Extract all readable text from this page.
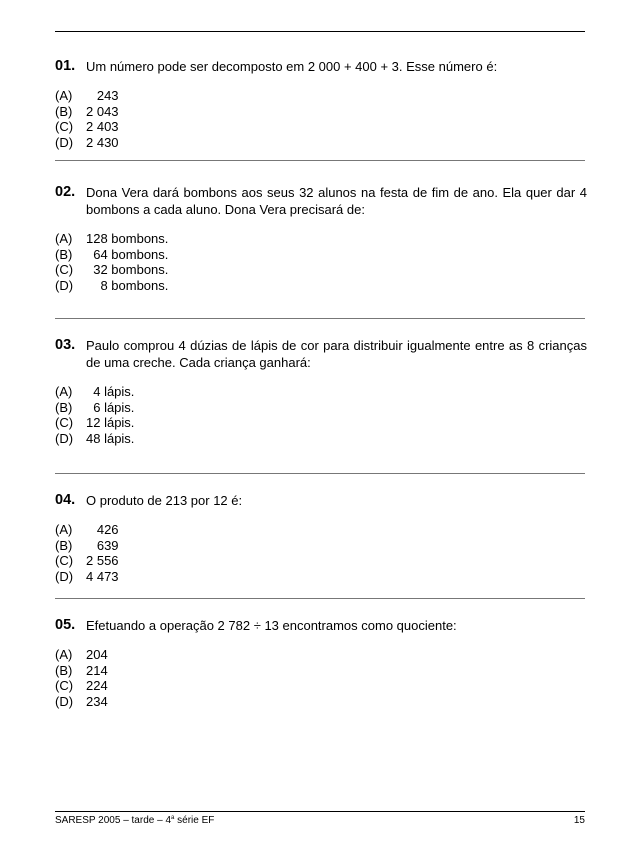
01. Um número pode ser decomposto em 2 000 + 400 + 3. Esse número é:
(A)	243
(B)	2 043
(C) 2 403
(D) 2 430
02. Dona Vera dará bombons aos seus 32 alunos na festa de fim de ano. Ela quer dar 4 bombons a cada aluno. Dona Vera precisará de:
(A)	128 bombons.
(B)	64 bombons.
(C) 32 bombons.
(D) 8 bombons.
03. Paulo comprou 4 dúzias de lápis de cor para distribuir igualmente entre as 8 crianças de uma creche. Cada criança ganhará:
(A)	4 lápis.
(B)	6 lápis.
(C) 12 lápis.
(D) 48 lápis.
04. O produto de 213 por 12 é:
(A)	426
(B)	639
(C) 2 556
(D) 4 473
05. Efetuando a operação 2 782 ÷ 13 encontramos como quociente:
(A)	204
(B)	214
(C) 224
(D) 234
SARESP 2005 – tarde – 4$^a$ série EF	15
